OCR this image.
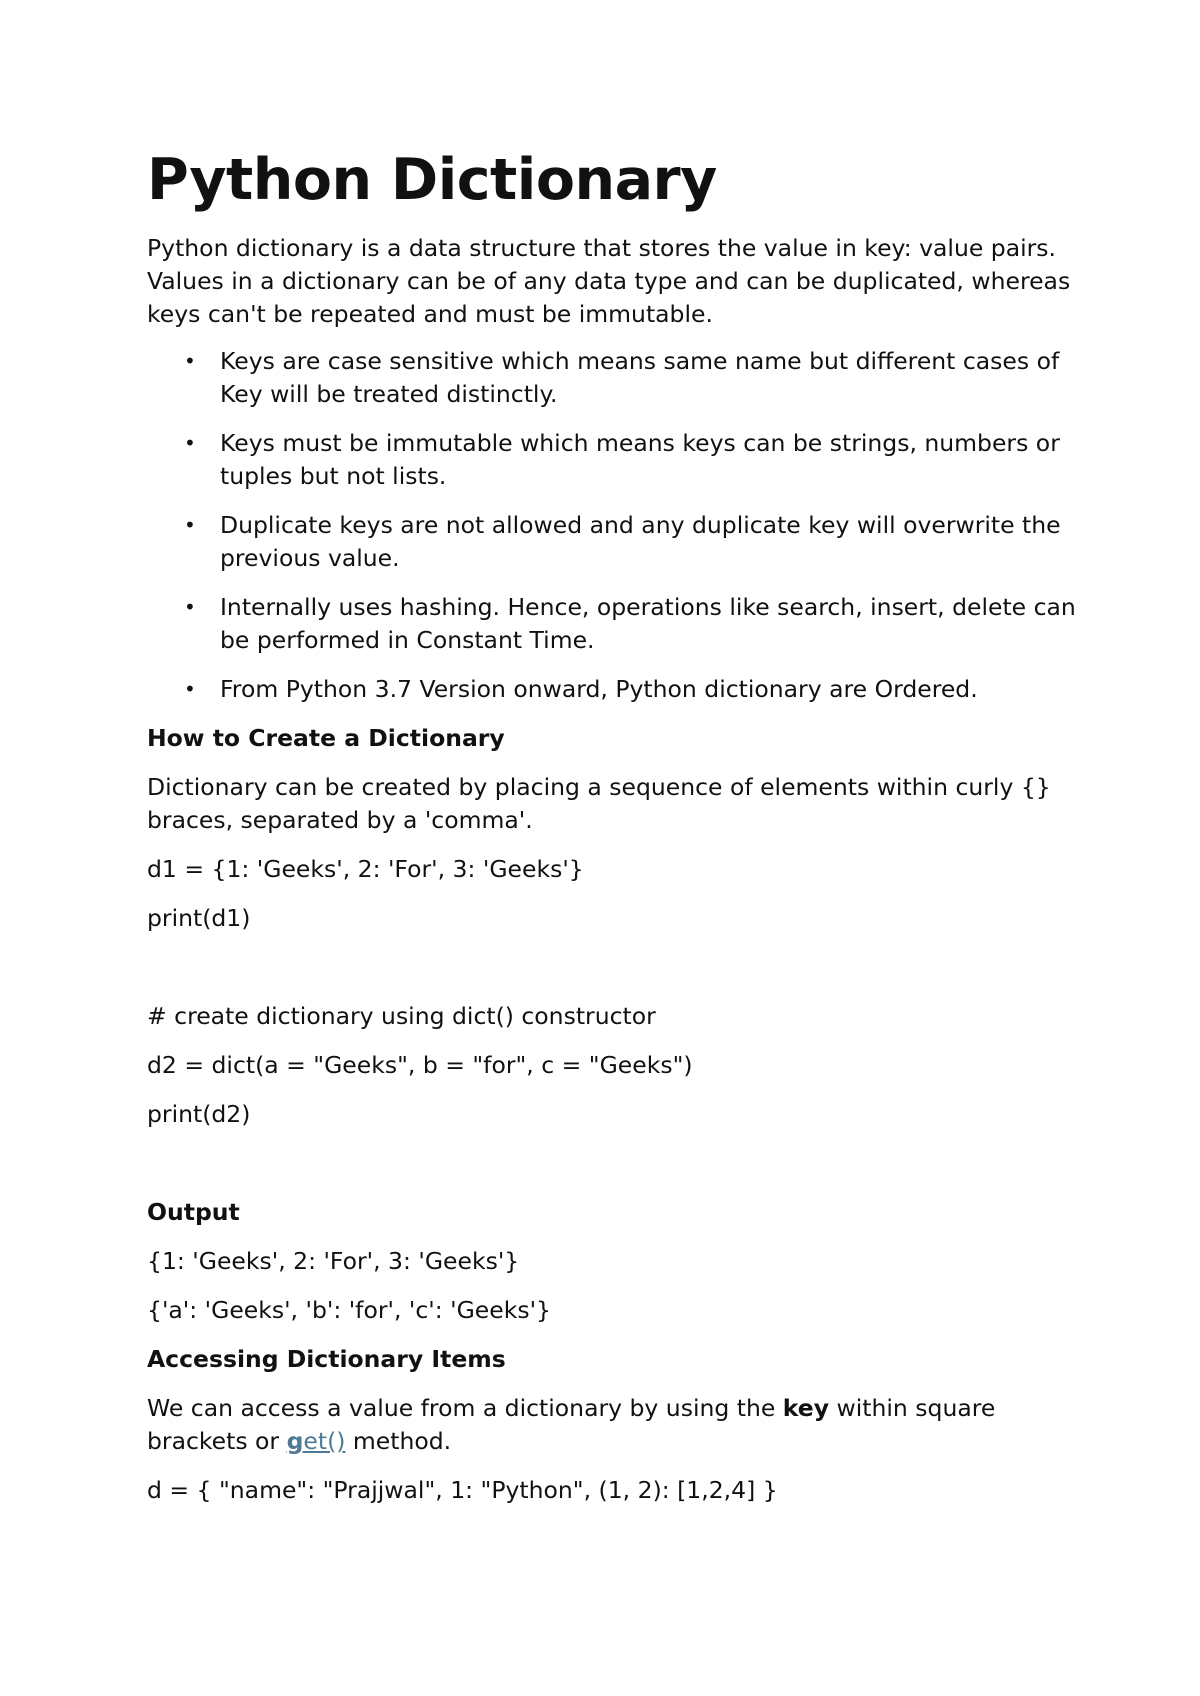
Python Dictionary

Python dictionary is a data structure that stores the value in key: value pairs. Values in a dictionary can be of any data type and can be duplicated, whereas keys can't be repeated and must be immutable.

• Keys are case sensitive which means same name but different cases of Key will be treated distinctly.
• Keys must be immutable which means keys can be strings, numbers or tuples but not lists.
• Duplicate keys are not allowed and any duplicate key will overwrite the previous value.
• Internally uses hashing. Hence, operations like search, insert, delete can be performed in Constant Time.
• From Python 3.7 Version onward, Python dictionary are Ordered.

How to Create a Dictionary

Dictionary can be created by placing a sequence of elements within curly {} braces, separated by a 'comma'.

d1 = {1: 'Geeks', 2: 'For', 3: 'Geeks'}

print(d1)

# create dictionary using dict() constructor

d2 = dict(a = "Geeks", b = "for", c = "Geeks")

print(d2)

Output

{1: 'Geeks', 2: 'For', 3: 'Geeks'}

{'a': 'Geeks', 'b': 'for', 'c': 'Geeks'}

Accessing Dictionary Items

We can access a value from a dictionary by using the key within square brackets or get() method.

d = { "name": "Prajjwal", 1: "Python", (1, 2): [1,2,4] }
